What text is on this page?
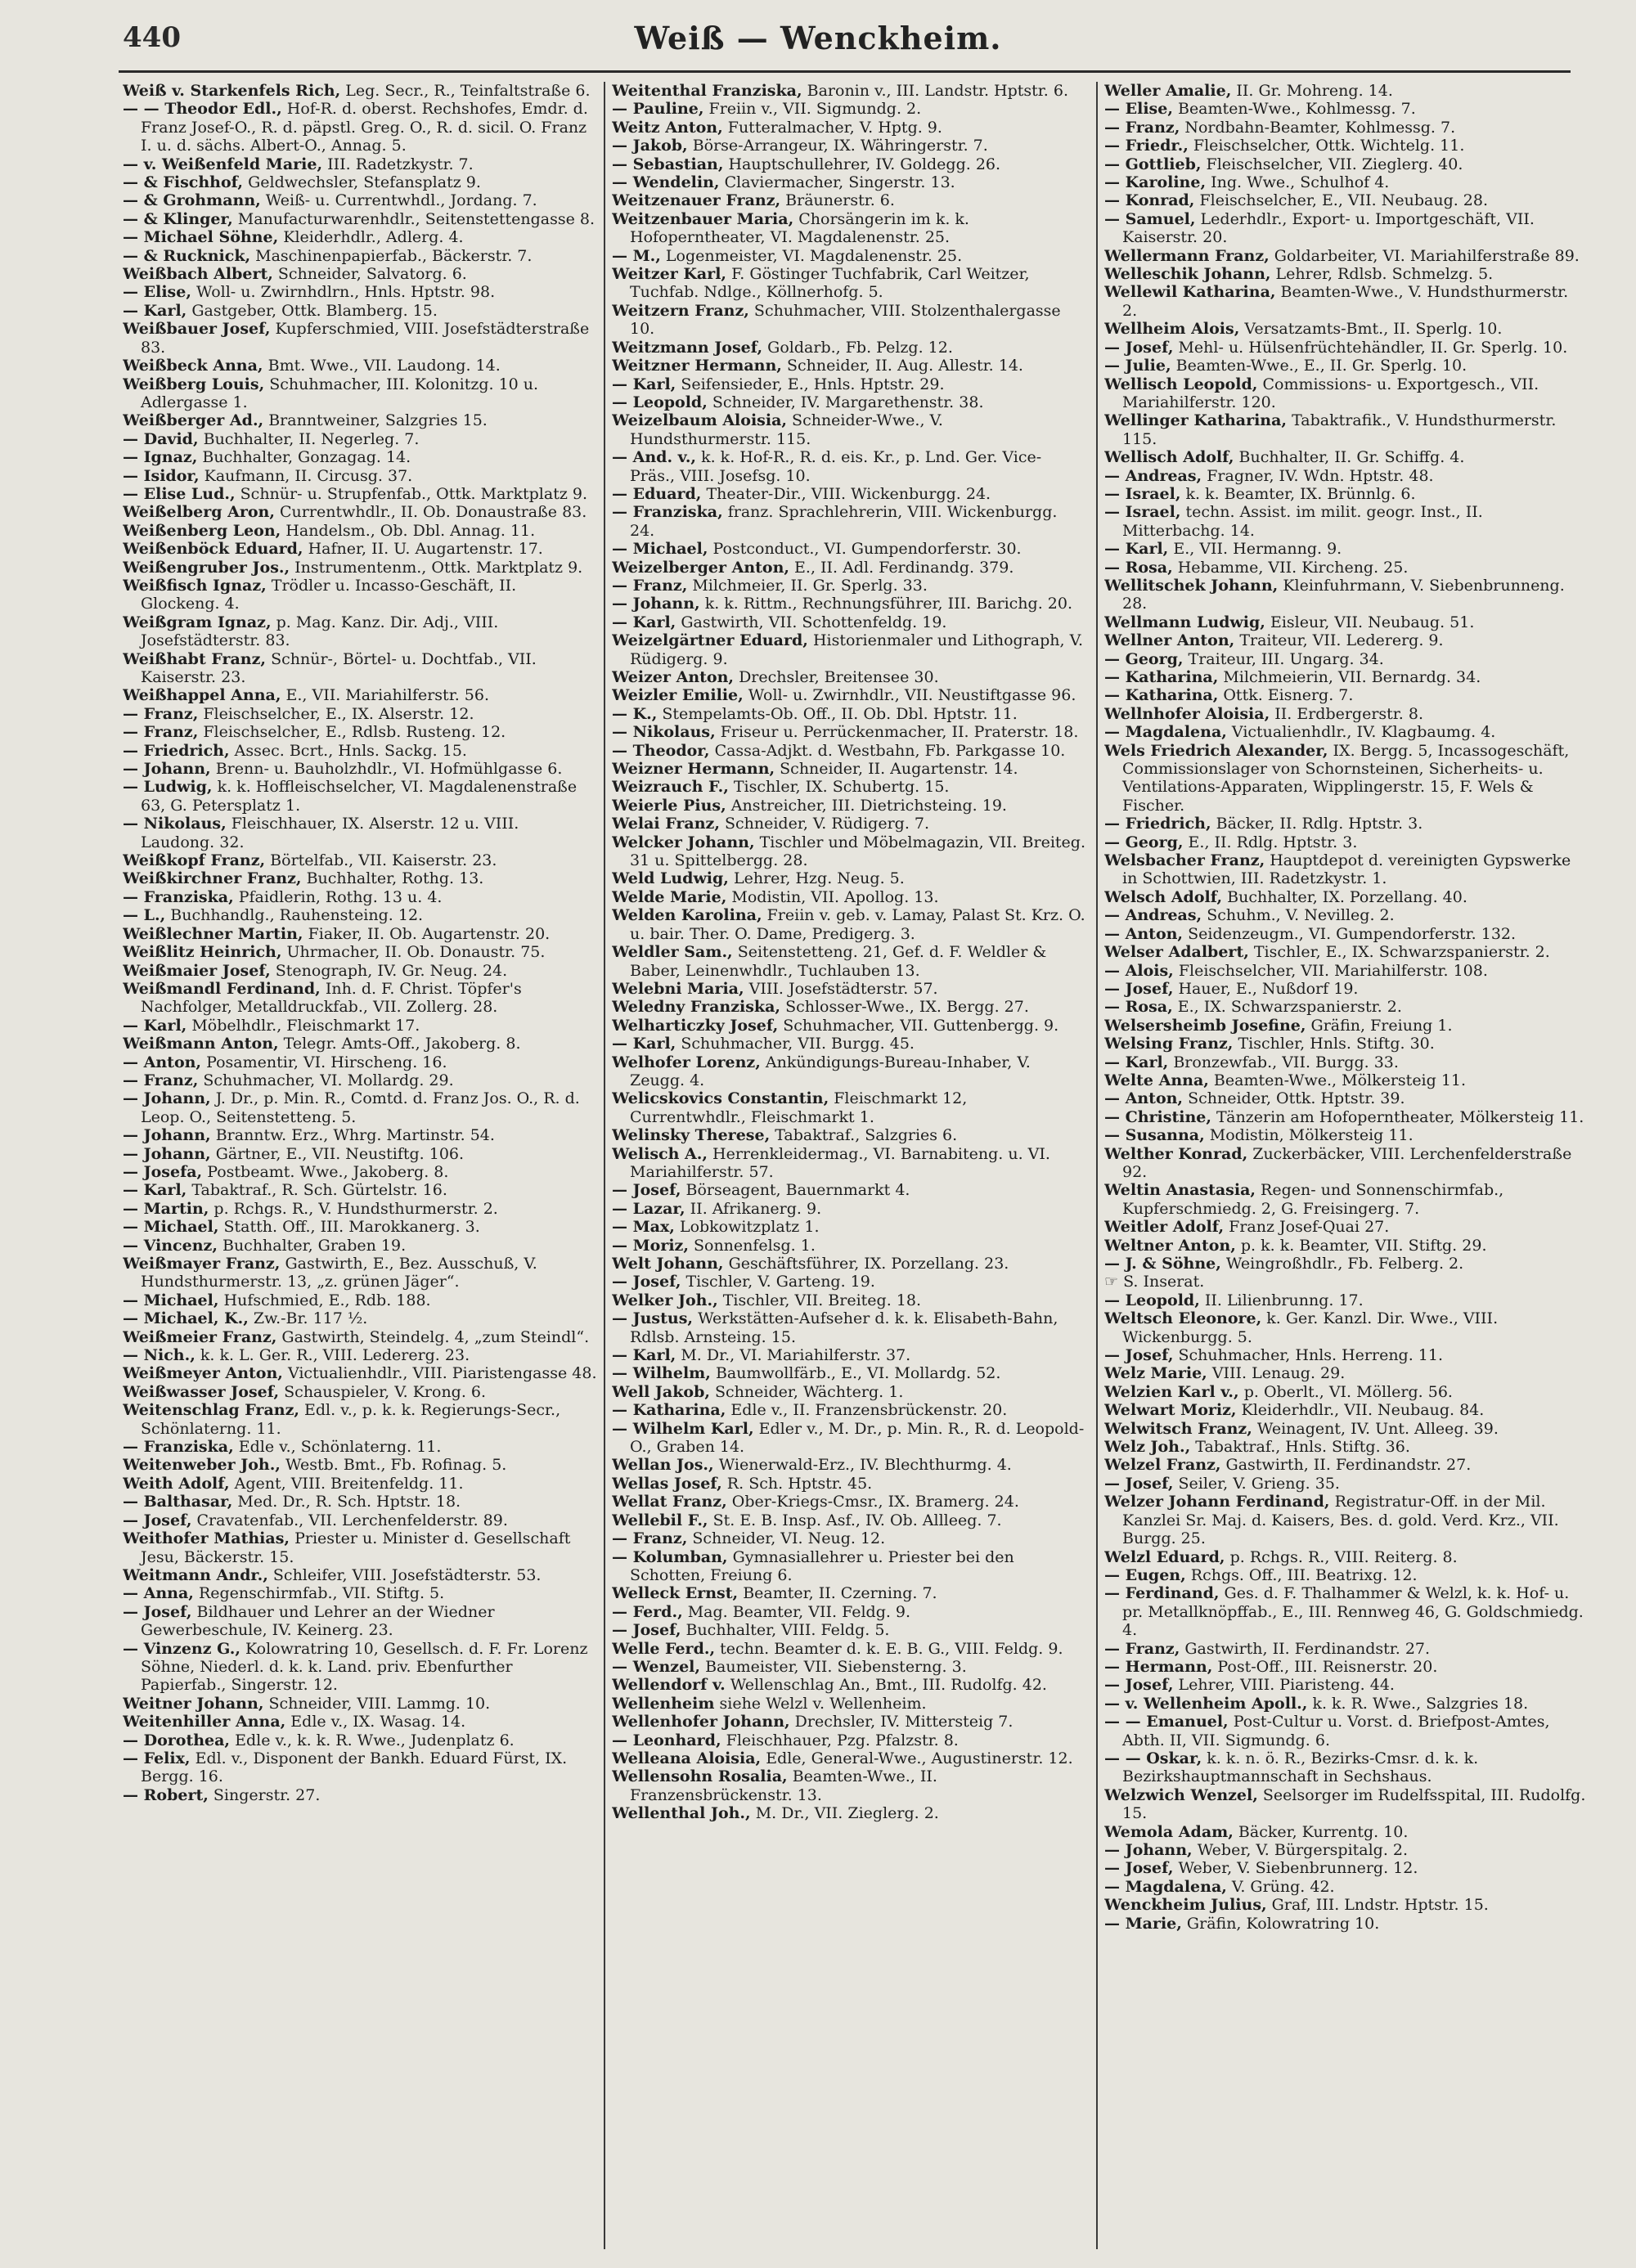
440	Weiß — Wenckheim.

Weiß v. Starkenfels Rich, Leg. Secr., R., Teinfaltstraße 6.

— — Theodor Edl., Hof-R. d. oberst. Rechshofes, Emdr. d. Franz Josef-O., R. d. päpstl. Greg. O., R. d. sicil. O. Franz I. u. d. sächs. Albert-O., Annag. 5.

— v. Weißenfeld Marie, III. Radetzkystr. 7.

— & Fischhof, Geldwechsler, Stefansplatz 9.

— & Grohmann, Weiß- u. Currentwhdl., Jordang. 7.

— & Klinger, Manufacturwarenhdlr., Seitenstettengasse 8.

— Michael Söhne, Kleiderhdlr., Adlerg. 4.

— & Rucknick, Maschinenpapierfab., Bäckerstr. 7.

Weißbach Albert, Schneider, Salvatorg. 6.

— Elise, Woll- u. Zwirnhdlrn., Hnls. Hptstr. 98.

— Karl, Gastgeber, Ottk. Blamberg. 15.

Weißbauer Josef, Kupferschmied, VIII. Josefstädterstraße 83.

Weißbeck Anna, Bmt. Wwe., VII. Laudong. 14.

Weißberg Louis, Schuhmacher, III. Kolonitzg. 10 u. Adlergasse 1.

Weißberger Ad., Branntweiner, Salzgries 15.

— David, Buchhalter, II. Negerleg. 7.

— Ignaz, Buchhalter, Gonzagag. 14.

— Isidor, Kaufmann, II. Circusg. 37.

— Elise Lud., Schnür- u. Strupfenfab., Ottk. Marktplatz 9.

Weißelberg Aron, Currentwhdlr., II. Ob. Donaustraße 83.

Weißenberg Leon, Handelsm., Ob. Dbl. Annag. 11.

Weißenböck Eduard, Hafner, II. U. Augartenstr. 17.

Weißengruber Jos., Instrumentenm., Ottk. Marktplatz 9.

Weißfisch Ignaz, Trödler u. Incasso-Geschäft, II. Glockeng. 4.

Weißgram Ignaz, p. Mag. Kanz. Dir. Adj., VIII. Josefstädterstr. 83.

Weißhabt Franz, Schnür-, Börtel- u. Dochtfab., VII. Kaiserstr. 23.

Weißhappel Anna, E., VII. Mariahilferstr. 56.

— Franz, Fleischselcher, E., IX. Alserstr. 12.

— Franz, Fleischselcher, E., Rdlsb. Rusteng. 12.

— Friedrich, Assec. Bcrt., Hnls. Sackg. 15.

— Johann, Brenn- u. Bauholzhdlr., VI. Hofmühlgasse 6.

— Ludwig, k. k. Hoffleischselcher, VI. Magdalenenstraße 63, G. Petersplatz 1.

— Nikolaus, Fleischhauer, IX. Alserstr. 12 u. VIII. Laudong. 32.

Weißkopf Franz, Börtelfab., VII. Kaiserstr. 23.

Weißkirchner Franz, Buchhalter, Rothg. 13.

— Franziska, Pfaidlerin, Rothg. 13 u. 4.

— L., Buchhandlg., Rauhensteing. 12.

Weißlechner Martin, Fiaker, II. Ob. Augartenstr. 20.

Weißlitz Heinrich, Uhrmacher, II. Ob. Donaustr. 75.

Weißmaier Josef, Stenograph, IV. Gr. Neug. 24.

Weißmandl Ferdinand, Inh. d. F. Christ. Töpfer's Nachfolger, Metalldruckfab., VII. Zollerg. 28.

— Karl, Möbelhdlr., Fleischmarkt 17.

Weißmann Anton, Telegr. Amts-Off., Jakoberg. 8.

— Anton, Posamentir, VI. Hirscheng. 16.

— Franz, Schuhmacher, VI. Mollardg. 29.

— Johann, J. Dr., p. Min. R., Comtd. d. Franz Jos. O., R. d. Leop. O., Seitenstetteng. 5.

— Johann, Branntw. Erz., Whrg. Martinstr. 54.

— Johann, Gärtner, E., VII. Neustiftg. 106.

— Josefa, Postbeamt. Wwe., Jakoberg. 8.

— Karl, Tabaktraf., R. Sch. Gürtelstr. 16.

— Martin, p. Rchgs. R., V. Hundsthurmerstr. 2.

— Michael, Statth. Off., III. Marokkanerg. 3.

— Vincenz, Buchhalter, Graben 19.

Weißmayer Franz, Gastwirth, E., Bez. Ausschuß, V. Hundsthurmerstr. 13, „z. grünen Jäger“.

— Michael, Hufschmied, E., Rdb. 188.

— Michael, K., Zw.-Br. 117 ½.

Weißmeier Franz, Gastwirth, Steindelg. 4, „zum Steindl“.

— Nich., k. k. L. Ger. R., VIII. Ledererg. 23.

Weißmeyer Anton, Victualienhdlr., VIII. Piaristengasse 48.

Weißwasser Josef, Schauspieler, V. Krong. 6.

Weitenschlag Franz, Edl. v., p. k. k. Regierungs-Secr., Schönlaterng. 11.

— Franziska, Edle v., Schönlaterng. 11.

Weitenweber Joh., Westb. Bmt., Fb. Rofinag. 5.

Weith Adolf, Agent, VIII. Breitenfeldg. 11.

— Balthasar, Med. Dr., R. Sch. Hptstr. 18.

— Josef, Cravatenfab., VII. Lerchenfelderstr. 89.

Weithofer Mathias, Priester u. Minister d. Gesellschaft Jesu, Bäckerstr. 15.

Weitmann Andr., Schleifer, VIII. Josefstädterstr. 53.

— Anna, Regenschirmfab., VII. Stiftg. 5.

— Josef, Bildhauer und Lehrer an der Wiedner Gewerbeschule, IV. Keinerg. 23.

— Vinzenz G., Kolowratring 10, Gesellsch. d. F. Fr. Lorenz Söhne, Niederl. d. k. k. Land. priv. Ebenfurther Papierfab., Singerstr. 12.

Weitner Johann, Schneider, VIII. Lammg. 10.

Weitenhiller Anna, Edle v., IX. Wasag. 14.

— Dorothea, Edle v., k. k. R. Wwe., Judenplatz 6.

— Felix, Edl. v., Disponent der Bankh. Eduard Fürst, IX. Bergg. 16.

— Robert, Singerstr. 27.

Weitenthal Franziska, Baronin v., III. Landstr. Hptstr. 6.

— Pauline, Freiin v., VII. Sigmundg. 2.

Weitz Anton, Futteralmacher, V. Hptg. 9.

— Jakob, Börse-Arrangeur, IX. Währingerstr. 7.

— Sebastian, Hauptschullehrer, IV. Goldegg. 26.

— Wendelin, Claviermacher, Singerstr. 13.

Weitzenauer Franz, Bräunerstr. 6.

Weitzenbauer Maria, Chorsängerin im k. k. Hofoperntheater, VI. Magdalenenstr. 25.

— M., Logenmeister, VI. Magdalenenstr. 25.

Weitzer Karl, F. Göstinger Tuchfabrik, Carl Weitzer, Tuchfab. Ndlge., Köllnerhofg. 5.

Weitzern Franz, Schuhmacher, VIII. Stolzenthalergasse 10.

Weitzmann Josef, Goldarb., Fb. Pelzg. 12.

Weitzner Hermann, Schneider, II. Aug. Allestr. 14.

— Karl, Seifensieder, E., Hnls. Hptstr. 29.

— Leopold, Schneider, IV. Margarethenstr. 38.

Weizelbaum Aloisia, Schneider-Wwe., V. Hundsthurmerstr. 115.

— And. v., k. k. Hof-R., R. d. eis. Kr., p. Lnd. Ger. Vice-Präs., VIII. Josefsg. 10.

— Eduard, Theater-Dir., VIII. Wickenburgg. 24.

— Franziska, franz. Sprachlehrerin, VIII. Wickenburgg. 24.

— Michael, Postconduct., VI. Gumpendorferstr. 30.

Weizelberger Anton, E., II. Adl. Ferdinandg. 379.

— Franz, Milchmeier, II. Gr. Sperlg. 33.

— Johann, k. k. Rittm., Rechnungsführer, III. Barichg. 20.

— Karl, Gastwirth, VII. Schottenfeldg. 19.

Weizelgärtner Eduard, Historienmaler und Lithograph, V. Rüdigerg. 9.

Weizer Anton, Drechsler, Breitensee 30.

Weizler Emilie, Woll- u. Zwirnhdlr., VII. Neustiftgasse 96.

— K., Stempelamts-Ob. Off., II. Ob. Dbl. Hptstr. 11.

— Nikolaus, Friseur u. Perrückenmacher, II. Praterstr. 18.

— Theodor, Cassa-Adjkt. d. Westbahn, Fb. Parkgasse 10.

Weizner Hermann, Schneider, II. Augartenstr. 14.

Weizrauch F., Tischler, IX. Schubertg. 15.

Weierle Pius, Anstreicher, III. Dietrichsteing. 19.

Welai Franz, Schneider, V. Rüdigerg. 7.

Welcker Johann, Tischler und Möbelmagazin, VII. Breiteg. 31 u. Spittelbergg. 28.

Weld Ludwig, Lehrer, Hzg. Neug. 5.

Welde Marie, Modistin, VII. Apollog. 13.

Welden Karolina, Freiin v. geb. v. Lamay, Palast St. Krz. O. u. bair. Ther. O. Dame, Predigerg. 3.

Weldler Sam., Seitenstetteng. 21, Gef. d. F. Weldler & Baber, Leinenwhdlr., Tuchlauben 13.

Welebni Maria, VIII. Josefstädterstr. 57.

Weledny Franziska, Schlosser-Wwe., IX. Bergg. 27.

Welharticzky Josef, Schuhmacher, VII. Guttenbergg. 9.

— Karl, Schuhmacher, VII. Burgg. 45.

Welhofer Lorenz, Ankündigungs-Bureau-Inhaber, V. Zeugg. 4.

Welicskovics Constantin, Fleischmarkt 12, Currentwhdlr., Fleischmarkt 1.

Welinsky Therese, Tabaktraf., Salzgries 6.

Welisch A., Herrenkleidermag., VI. Barnabiteng. u. VI. Mariahilferstr. 57.

— Josef, Börseagent, Bauernmarkt 4.

— Lazar, II. Afrikanerg. 9.

— Max, Lobkowitzplatz 1.

— Moriz, Sonnenfelsg. 1.

Welt Johann, Geschäftsführer, IX. Porzellang. 23.

— Josef, Tischler, V. Garteng. 19.

Welker Joh., Tischler, VII. Breiteg. 18.

— Justus, Werkstätten-Aufseher d. k. k. Elisabeth-Bahn, Rdlsb. Arnsteing. 15.

— Karl, M. Dr., VI. Mariahilferstr. 37.

— Wilhelm, Baumwollfärb., E., VI. Mollardg. 52.

Well Jakob, Schneider, Wächterg. 1.

— Katharina, Edle v., II. Franzensbrückenstr. 20.

— Wilhelm Karl, Edler v., M. Dr., p. Min. R., R. d. Leopold-O., Graben 14.

Wellan Jos., Wienerwald-Erz., IV. Blechthurmg. 4.

Wellas Josef, R. Sch. Hptstr. 45.

Wellat Franz, Ober-Kriegs-Cmsr., IX. Bramerg. 24.

Wellebil F., St. E. B. Insp. Asf., IV. Ob. Allleeg. 7.

— Franz, Schneider, VI. Neug. 12.

— Kolumban, Gymnasiallehrer u. Priester bei den Schotten, Freiung 6.

Welleck Ernst, Beamter, II. Czerning. 7.

— Ferd., Mag. Beamter, VII. Feldg. 9.

— Josef, Buchhalter, VIII. Feldg. 5.

Welle Ferd., techn. Beamter d. k. E. B. G., VIII. Feldg. 9.

— Wenzel, Baumeister, VII. Siebensterng. 3.

Wellendorf v. Wellenschlag An., Bmt., III. Rudolfg. 42.

Wellenheim siehe Welzl v. Wellenheim.

Wellenhofer Johann, Drechsler, IV. Mittersteig 7.

— Leonhard, Fleischhauer, Pzg. Pfalzstr. 8.

Welleana Aloisia, Edle, General-Wwe., Augustinerstr. 12.

Wellensohn Rosalia, Beamten-Wwe., II. Franzensbrückenstr. 13.

Wellenthal Joh., M. Dr., VII. Zieglerg. 2.

Weller Amalie, II. Gr. Mohreng. 14.

— Elise, Beamten-Wwe., Kohlmessg. 7.

— Franz, Nordbahn-Beamter, Kohlmessg. 7.

— Friedr., Fleischselcher, Ottk. Wichtelg. 11.

— Gottlieb, Fleischselcher, VII. Zieglerg. 40.

— Karoline, Ing. Wwe., Schulhof 4.

— Konrad, Fleischselcher, E., VII. Neubaug. 28.

— Samuel, Lederhdlr., Export- u. Importgeschäft, VII. Kaiserstr. 20.

Wellermann Franz, Goldarbeiter, VI. Mariahilferstraße 89.

Welleschik Johann, Lehrer, Rdlsb. Schmelzg. 5.

Wellewil Katharina, Beamten-Wwe., V. Hundsthurmerstr. 2.

Wellheim Alois, Versatzamts-Bmt., II. Sperlg. 10.

— Josef, Mehl- u. Hülsenfrüchtehändler, II. Gr. Sperlg. 10.

— Julie, Beamten-Wwe., E., II. Gr. Sperlg. 10.

Wellisch Leopold, Commissions- u. Exportgesch., VII. Mariahilferstr. 120.

Wellinger Katharina, Tabaktrafik., V. Hundsthurmerstr. 115.

Wellisch Adolf, Buchhalter, II. Gr. Schiffg. 4.

— Andreas, Fragner, IV. Wdn. Hptstr. 48.

— Israel, k. k. Beamter, IX. Brünnlg. 6.

— Israel, techn. Assist. im milit. geogr. Inst., II. Mitterbachg. 14.

— Karl, E., VII. Hermanng. 9.

— Rosa, Hebamme, VII. Kircheng. 25.

Wellitschek Johann, Kleinfuhrmann, V. Siebenbrunneng. 28.

Wellmann Ludwig, Eisleur, VII. Neubaug. 51.

Wellner Anton, Traiteur, VII. Ledererg. 9.

— Georg, Traiteur, III. Ungarg. 34.

— Katharina, Milchmeierin, VII. Bernardg. 34.

— Katharina, Ottk. Eisnerg. 7.

Wellnhofer Aloisia, II. Erdbergerstr. 8.

— Magdalena, Victualienhdlr., IV. Klagbaumg. 4.

Wels Friedrich Alexander, IX. Bergg. 5, Incassogeschäft, Commissionslager von Schornsteinen, Sicherheits- u. Ventilations-Apparaten, Wipplingerstr. 15, F. Wels & Fischer.

— Friedrich, Bäcker, II. Rdlg. Hptstr. 3.

— Georg, E., II. Rdlg. Hptstr. 3.

Welsbacher Franz, Hauptdepot d. vereinigten Gypswerke in Schottwien, III. Radetzkystr. 1.

Welsch Adolf, Buchhalter, IX. Porzellang. 40.

— Andreas, Schuhm., V. Nevilleg. 2.

— Anton, Seidenzeugm., VI. Gumpendorferstr. 132.

Welser Adalbert, Tischler, E., IX. Schwarzspanierstr. 2.

— Alois, Fleischselcher, VII. Mariahilferstr. 108.

— Josef, Hauer, E., Nußdorf 19.

— Rosa, E., IX. Schwarzspanierstr. 2.

Welsersheimb Josefine, Gräfin, Freiung 1.

Welsing Franz, Tischler, Hnls. Stiftg. 30.

— Karl, Bronzewfab., VII. Burgg. 33.

Welte Anna, Beamten-Wwe., Mölkersteig 11.

— Anton, Schneider, Ottk. Hptstr. 39.

— Christine, Tänzerin am Hofoperntheater, Mölkersteig 11.

— Susanna, Modistin, Mölkersteig 11.

Welther Konrad, Zuckerbäcker, VIII. Lerchenfelderstraße 92.

Weltin Anastasia, Regen- und Sonnenschirmfab., Kupferschmiedg. 2, G. Freisingerg. 7.

Weitler Adolf, Franz Josef-Quai 27.

Weltner Anton, p. k. k. Beamter, VII. Stiftg. 29.

— J. & Söhne, Weingroßhdlr., Fb. Felberg. 2.

☞ S. Inserat.

— Leopold, II. Lilienbrunng. 17.

Weltsch Eleonore, k. Ger. Kanzl. Dir. Wwe., VIII. Wickenburgg. 5.

— Josef, Schuhmacher, Hnls. Herreng. 11.

Welz Marie, VIII. Lenaug. 29.

Welzien Karl v., p. Oberlt., VI. Möllerg. 56.

Welwart Moriz, Kleiderhdlr., VII. Neubaug. 84.

Welwitsch Franz, Weinagent, IV. Unt. Alleeg. 39.

Welz Joh., Tabaktraf., Hnls. Stiftg. 36.

Welzel Franz, Gastwirth, II. Ferdinandstr. 27.

— Josef, Seiler, V. Grieng. 35.

Welzer Johann Ferdinand, Registratur-Off. in der Mil. Kanzlei Sr. Maj. d. Kaisers, Bes. d. gold. Verd. Krz., VII. Burgg. 25.

Welzl Eduard, p. Rchgs. R., VIII. Reiterg. 8.

— Eugen, Rchgs. Off., III. Beatrixg. 12.

— Ferdinand, Ges. d. F. Thalhammer & Welzl, k. k. Hof- u. pr. Metallknöpffab., E., III. Rennweg 46, G. Goldschmiedg. 4.

— Franz, Gastwirth, II. Ferdinandstr. 27.

— Hermann, Post-Off., III. Reisnerstr. 20.

— Josef, Lehrer, VIII. Piaristeng. 44.

— v. Wellenheim Apoll., k. k. R. Wwe., Salzgries 18.

— — Emanuel, Post-Cultur u. Vorst. d. Briefpost-Amtes, Abth. II, VII. Sigmundg. 6.

— — Oskar, k. k. n. ö. R., Bezirks-Cmsr. d. k. k. Bezirkshauptmannschaft in Sechshaus.

Welzwich Wenzel, Seelsorger im Rudelfsspital, III. Rudolfg. 15.

Wemola Adam, Bäcker, Kurrentg. 10.

— Johann, Weber, V. Bürgerspitalg. 2.

— Josef, Weber, V. Siebenbrunnerg. 12.

— Magdalena, V. Grüng. 42.

Wenckheim Julius, Graf, III. Lndstr. Hptstr. 15.

— Marie, Gräfin, Kolowratring 10.
